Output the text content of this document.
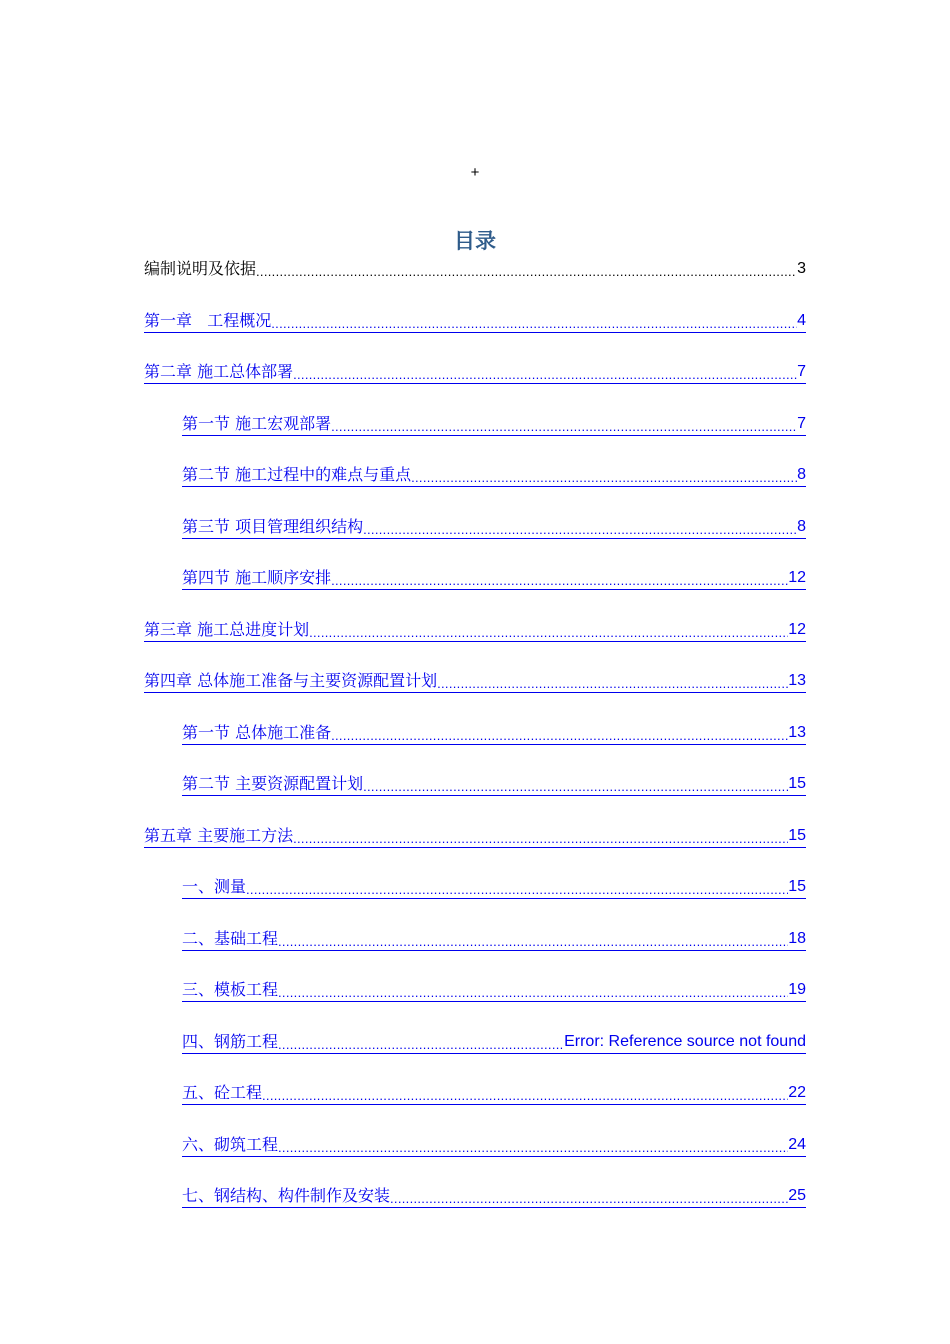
+
目录
编制说明及依据 .....	3
第一章   工程概况 .....	4
第二章 施工总体部署 .....	7
第一节 施工宏观部署 .....	7
第二节 施工过程中的难点与重点 .....	8
第三节 项目管理组织结构 .....	8
第四节 施工顺序安排 .....	12
第三章 施工总进度计划 .....	12
第四章 总体施工准备与主要资源配置计划 .....	13
第一节 总体施工准备 .....	13
第二节 主要资源配置计划 .....	15
第五章 主要施工方法 .....	15
一、测量 .....	15
二、基础工程 .....	18
三、模板工程 .....	19
四、钢筋工程 .....	Error: Reference source not found
五、砼工程 .....	22
六、砌筑工程 .....	24
七、钢结构、构件制作及安装 .....	25
